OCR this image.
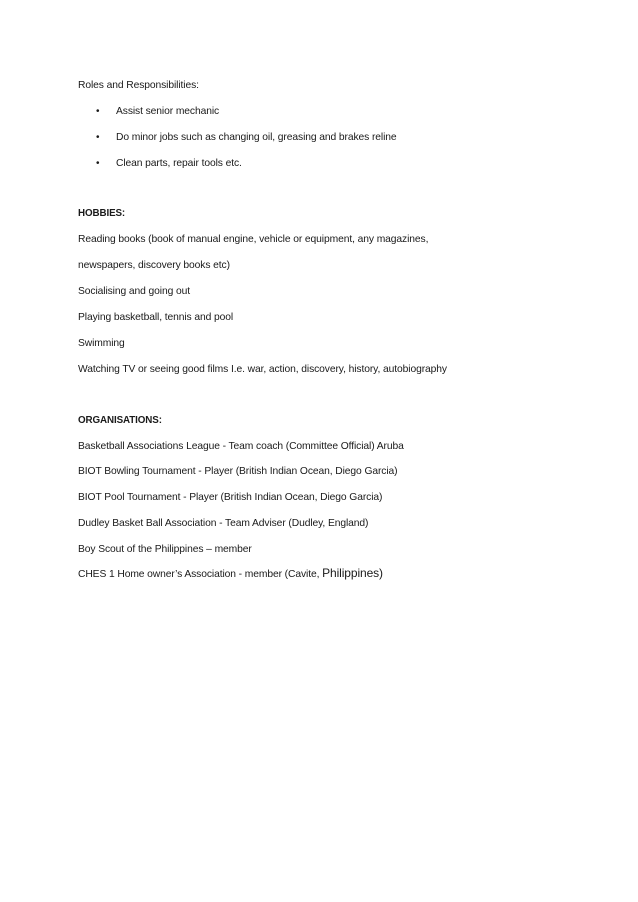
Roles and Responsibilities:
• Assist senior mechanic
• Do minor jobs such as changing oil, greasing and brakes reline
• Clean parts, repair tools etc.
HOBBIES:
Reading books (book of manual engine, vehicle or equipment, any magazines,
newspapers, discovery books etc)
Socialising and going out
Playing basketball, tennis and pool
Swimming
Watching TV or seeing good films I.e. war, action, discovery, history, autobiography
ORGANISATIONS:
Basketball Associations League - Team coach (Committee Official) Aruba
BIOT Bowling Tournament - Player (British Indian Ocean, Diego Garcia)
BIOT Pool Tournament - Player (British Indian Ocean, Diego Garcia)
Dudley Basket Ball Association - Team Adviser (Dudley, England)
Boy Scout of the Philippines – member
CHES 1 Home owner’s Association - member (Cavite, Philippines)
